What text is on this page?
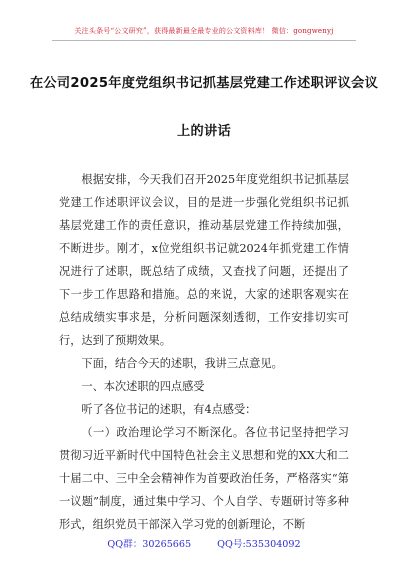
关注头条号“公文研究”，获得最新最全最专业的公文资料库！ 微信：gongwenyj
在公司2025年度党组织书记抓基层党建工作述职评议会议
上的讲话

根据安排，今天我们召开2025年度党组织书记抓基层党建工作述职评议会议，目的是进一步强化党组织书记抓基层党建工作的责任意识，推动基层党建工作持续加强，不断进步。刚才，x位党组织书记就2024年抓党建工作情况进行了述职，既总结了成绩，又查找了问题，还提出了下一步工作思路和措施。总的来说，大家的述职客观实在总结成绩实事求是，分析问题深刻透彻，工作安排切实可行，达到了预期效果。

下面，结合今天的述职，我讲三点意见。

一、本次述职的四点感受

听了各位书记的述职，有4点感受：

（一）政治理论学习不断深化。各位书记坚持把学习贯彻习近平新时代中国特色社会主义思想和党的XX大和二十届二中、三中全会精神作为首要政治任务，严格落实“第一议题”制度，通过集中学习、个人自学、专题研讨等多种形式，组织党员干部深入学习党的创新理论，不断

QQ群：30265665	QQ号:535304092
